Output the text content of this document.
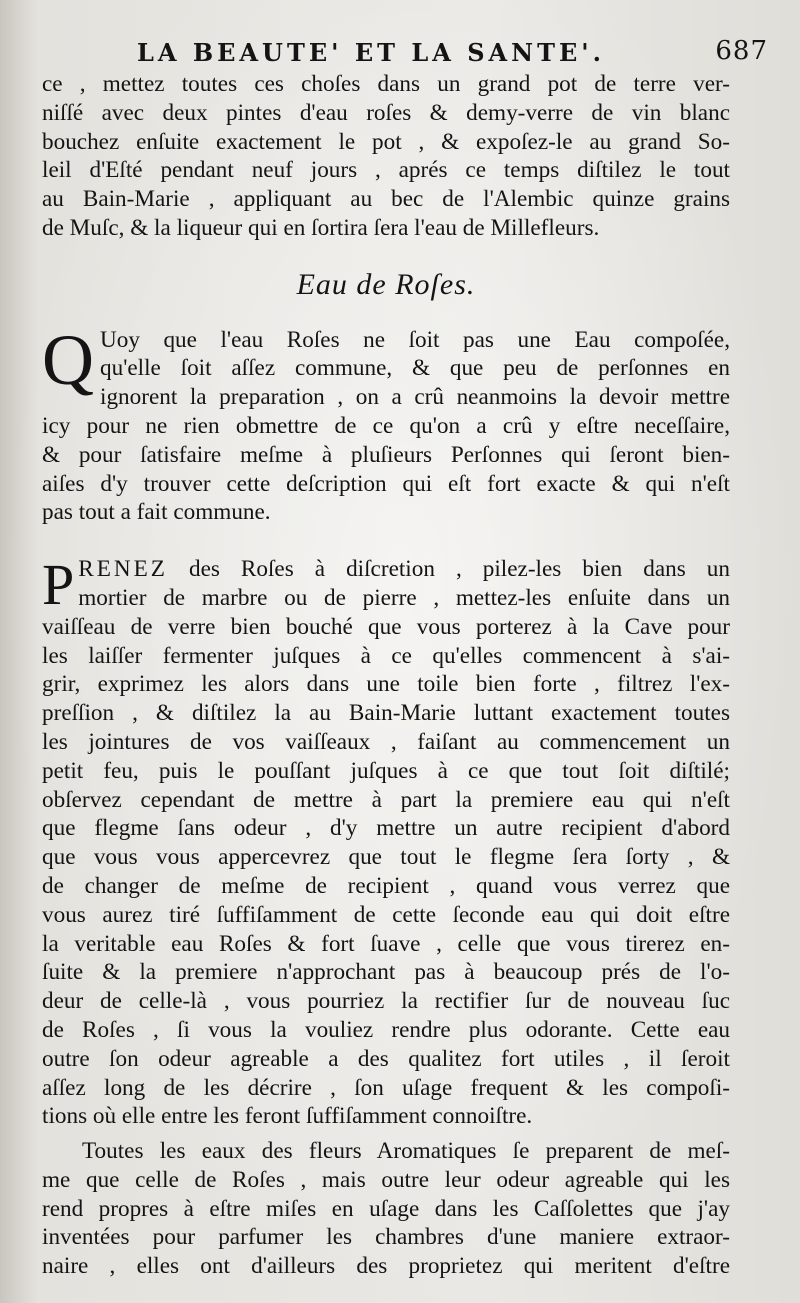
LA BEAUTE' ET LA SANTE'.	687

ce , mettez toutes ces choſes dans un grand pot de terre ver-
niſſé avec deux pintes d'eau roſes & demy-verre de vin blanc
bouchez enſuite exactement le pot , & expoſez-le au grand So-
leil d'Eſté pendant neuf jours , aprés ce temps diſtilez le tout
au Bain-Marie , appliquant au bec de l'Alembic quinze grains
de Muſc, & la liqueur qui en ſortira ſera l'eau de Millefleurs.

Eau de Roſes.

Q Uoy que l'eau Roſes ne ſoit pas une Eau compoſée,
qu'elle ſoit aſſez commune, & que peu de perſonnes en
ignorent la preparation , on a crû neanmoins la devoir mettre
icy pour ne rien obmettre de ce qu'on a crû y eſtre neceſſaire,
& pour ſatisfaire meſme à pluſieurs Perſonnes qui ſeront bien-
aiſes d'y trouver cette deſcription qui eſt fort exacte & qui n'eſt
pas tout a fait commune.

P RENEZ des Roſes à diſcretion , pilez-les bien dans un
mortier de marbre ou de pierre , mettez-les enſuite dans un
vaiſſeau de verre bien bouché que vous porterez à la Cave pour
les laiſſer fermenter juſques à ce qu'elles commencent à s'ai-
grir, exprimez les alors dans une toile bien forte , filtrez l'ex-
preſſion , & diſtilez la au Bain-Marie luttant exactement toutes
les jointures de vos vaiſſeaux , faiſant au commencement un
petit feu, puis le pouſſant juſques à ce que tout ſoit diſtilé;
obſervez cependant de mettre à part la premiere eau qui n'eſt
que flegme ſans odeur , d'y mettre un autre recipient d'abord
que vous vous appercevrez que tout le flegme ſera ſorty , &
de changer de meſme de recipient , quand vous verrez que
vous aurez tiré ſuffiſamment de cette ſeconde eau qui doit eſtre
la veritable eau Roſes & fort ſuave , celle que vous tirerez en-
ſuite & la premiere n'approchant pas à beaucoup prés de l'o-
deur de celle-là , vous pourriez la rectifier ſur de nouveau ſuc
de Roſes , ſi vous la vouliez rendre plus odorante. Cette eau
outre ſon odeur agreable a des qualitez fort utiles , il ſeroit
aſſez long de les décrire , ſon uſage frequent & les compoſi-
tions où elle entre les feront ſuffiſamment connoiſtre.

Toutes les eaux des fleurs Aromatiques ſe preparent de meſ-
me que celle de Roſes , mais outre leur odeur agreable qui les
rend propres à eſtre miſes en uſage dans les Caſſolettes que j'ay
inventées pour parfumer les chambres d'une maniere extraor-
naire , elles ont d'ailleurs des proprietez qui meritent d'eſtre
